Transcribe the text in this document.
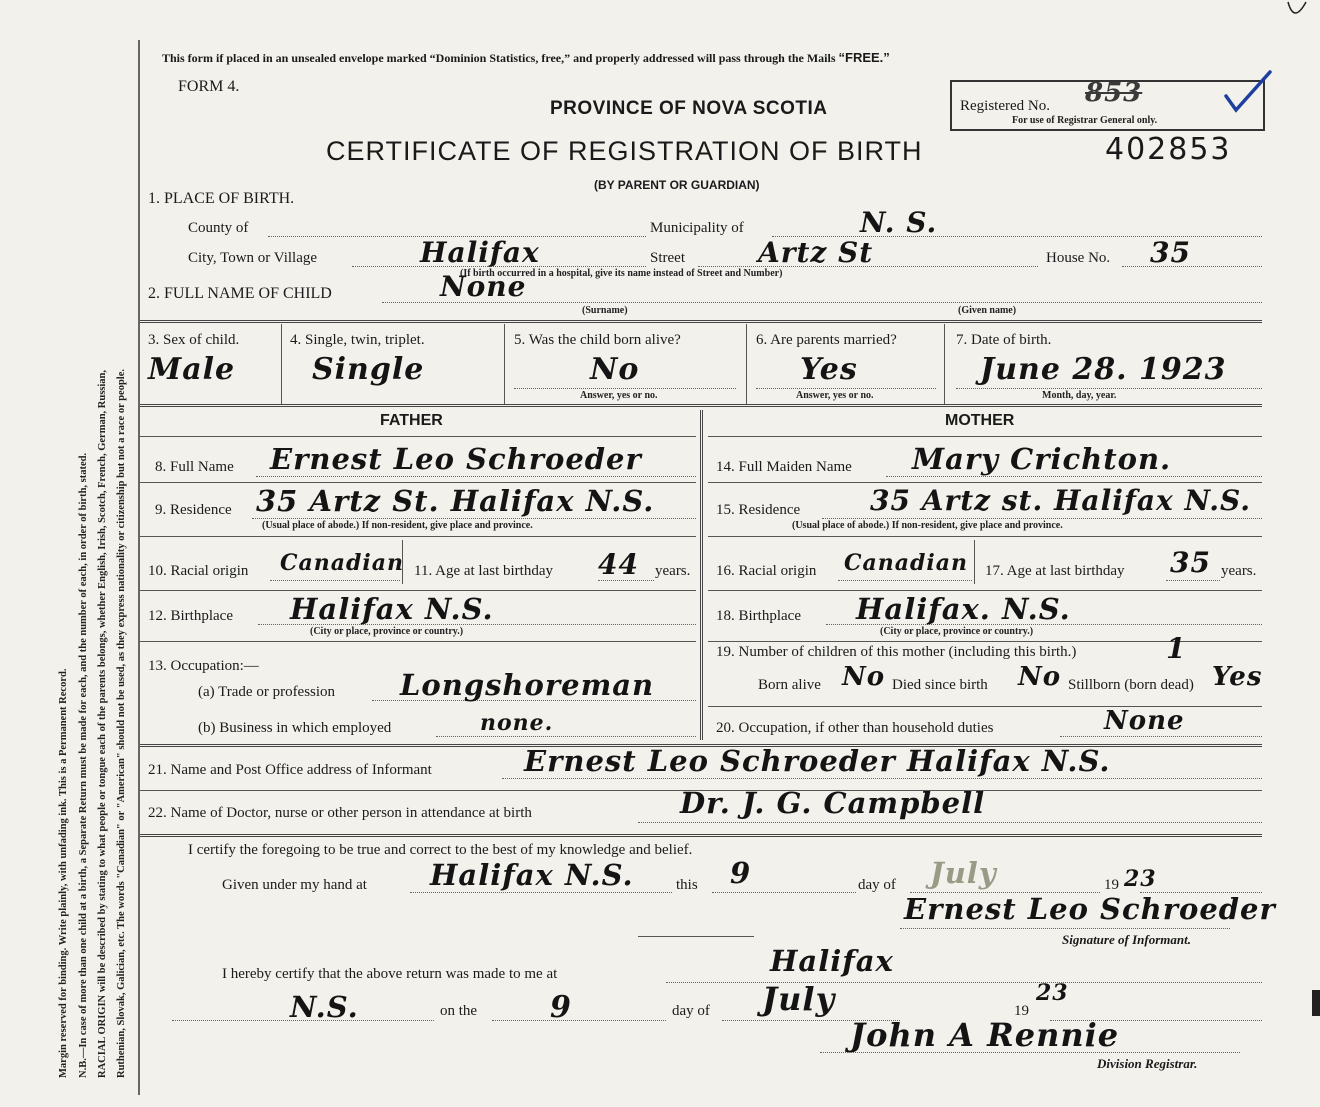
Margin reserved for binding. Write plainly, with unfading ink. This is a Permanent Record. N.B.—In case of more than one child at a birth, a Separate Return must be made for each, and the number of each, in order of birth, stated. RACIAL ORIGIN will be described by stating to what people or tongue each of the parents belongs, whether English, Irish, Scotch, French, German, Russian, Ruthenian, Slovak, Galician, etc. The words "Canadian" or "American" should not be used, as they express nationality or citizenship but not a race or people.
This form if placed in an unsealed envelope marked “Dominion Statistics, free,” and properly addressed will pass through the Mails “FREE.”
FORM 4.
PROVINCE OF NOVA SCOTIA	Registered No. 853
For use of Registrar General only.
CERTIFICATE OF REGISTRATION OF BIRTH	402853
(BY PARENT OR GUARDIAN)
1. PLACE OF BIRTH.
County of	Municipality of	N. S.
City, Town or Village	Halifax	Street	Artz St	House No. 35
(If birth occurred in a hospital, give its name instead of Street and Number)
2. FULL NAME OF CHILD	None
(Surname)	(Given name)
3. Sex of child.
Male
4. Single, twin, triplet.
Single
5. Was the child born alive?
No
Answer, yes or no.
6. Are parents married?
Yes
Answer, yes or no.
7. Date of birth.
June 28. 1923
Month, day, year.
FATHER	MOTHER
8. Full Name Ernest Leo Schroeder
9. Residence 35 Artz St. Halifax N.S.
(Usual place of abode.) If non-resident, give place and province.
10. Racial origin Canadian 11. Age at last birthday 44 years.
12. Birthplace Halifax N.S.
(City or place, province or country.)
13. Occupation:—
(a) Trade or profession Longshoreman
(b) Business in which employed	none.
14. Full Maiden Name Mary Crichton.
15. Residence 35 Artz st. Halifax N.S.
(Usual place of abode.) If non-resident, give place and province.
16. Racial origin Canadian 17. Age at last birthday 35 years.
18. Birthplace Halifax. N.S.
(City or place, province or country.)
19. Number of children of this mother (including this birth.)	1
Born alive No Died since birth No Stillborn (born dead) Yes
20. Occupation, if other than household duties	None
21. Name and Post Office address of Informant	Ernest Leo Schroeder Halifax N.S.
22. Name of Doctor, nurse or other person in attendance at birth	Dr. J. G. Campbell
I certify the foregoing to be true and correct to the best of my knowledge and belief.
Given under my hand at Halifax N.S.	this 9	day of July	19 23
Ernest Leo Schroeder
Signature of Informant.
I hereby certify that the above return was made to me at	Halifax
N.S.	on the 9	day of July	19
23
John A Rennie
Division Registrar.
